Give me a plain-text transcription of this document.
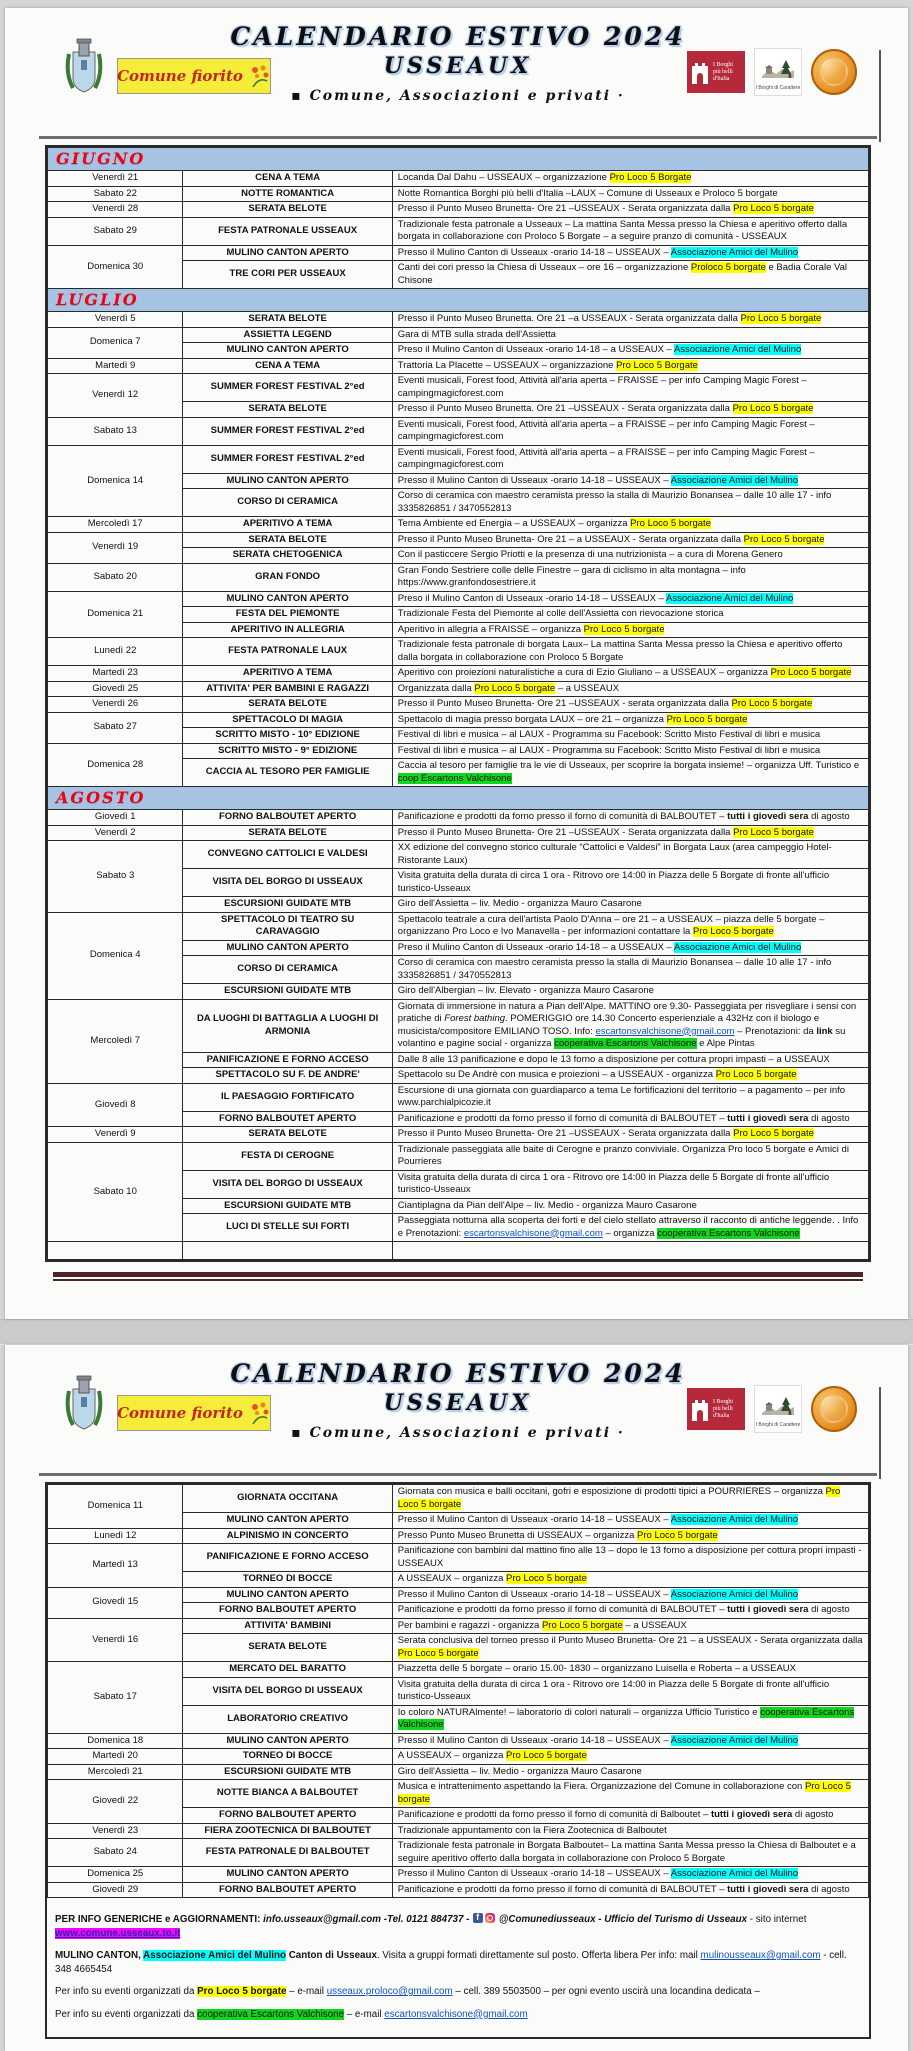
Comune fiorito
CALENDARIO ESTIVO 2024
USSEAUX
▪ Comune, Associazioni e privati ·
I Borghi più belli d'Italia
I Borghi di Carattere
GIUGNO		
Venerdì 21	CENA A TEMA	Locanda Dal Dahu – USSEAUX – organizzazione Pro Loco 5 Borgate
Sabato 22	NOTTE ROMANTICA	Notte Romantica Borghi più belli d'Italia –LAUX – Comune di Usseaux e Proloco 5 borgate
Venerdì 28	SERATA BELOTE	Presso il Punto Museo Brunetta- Ore 21 –USSEAUX - Serata organizzata dalla Pro Loco 5 borgate
Sabato 29	FESTA PATRONALE USSEAUX	Tradizionale festa patronale a Usseaux – La mattina Santa Messa presso la Chiesa e aperitivo offerto dalla borgata in collaborazione con Proloco 5 Borgate – a seguire pranzo di comunità - USSEAUX
Domenica 30	MULINO CANTON APERTO	Presso il Mulino Canton di Usseaux -orario 14-18 – USSEAUX – Associazione Amici del Mulino
	TRE CORI PER USSEAUX	Canti dei cori presso la Chiesa di Usseaux – ore 16 – organizzazione Proloco 5 borgate e Badia Corale Val Chisone
LUGLIO		
Venerdì 5	SERATA BELOTE	Presso il Punto Museo Brunetta. Ore 21 –a USSEAUX - Serata organizzata dalla Pro Loco 5 borgate
Domenica 7	ASSIETTA LEGEND	Gara di MTB sulla strada dell'Assietta
	MULINO CANTON APERTO	Preso il Mulino Canton di Usseaux -orario 14-18 – a USSEAUX – Associazione Amici del Mulino
Martedì 9	CENA A TEMA	Trattoria La Placette – USSEAUX – organizzazione Pro Loco 5 Borgate
Venerdì 12	SUMMER FOREST FESTIVAL 2°ed	Eventi musicali, Forest food, Attività all'aria aperta – FRAISSE – per info Camping Magic Forest – campingmagicforest.com
	SERATA BELOTE	Presso il Punto Museo Brunetta. Ore 21 –USSEAUX - Serata organizzata dalla Pro Loco 5 borgate
Sabato 13	SUMMER FOREST FESTIVAL 2°ed	Eventi musicali, Forest food, Attività all'aria aperta – a FRAISSE – per info Camping Magic Forest – campingmagicforest.com
Domenica 14	SUMMER FOREST FESTIVAL 2°ed	Eventi musicali, Forest food, Attività all'aria aperta – a FRAISSE – per info Camping Magic Forest – campingmagicforest.com
	MULINO CANTON APERTO	Presso il Mulino Canton di Usseaux -orario 14-18 – USSEAUX – Associazione Amici del Mulino
	CORSO DI CERAMICA	Corso di ceramica con maestro ceramista presso la stalla di Maurizio Bonansea – dalle 10 alle 17 - info 3335826851 / 3470552813
Mercoledì 17	APERITIVO A TEMA	Tema Ambiente ed Energia – a USSEAUX – organizza Pro Loco 5 borgate
Venerdì 19	SERATA BELOTE	Presso il Punto Museo Brunetta- Ore 21 – a USSEAUX - Serata organizzata dalla Pro Loco 5 borgate
	SERATA CHETOGENICA	Con il pasticcere Sergio Priotti e la presenza di una nutrizionista – a cura di Morena Genero
Sabato 20	GRAN FONDO	Gran Fondo Sestriere colle delle Finestre – gara di ciclismo in alta montagna – info https://www.granfondosestriere.it
Domenica 21	MULINO CANTON APERTO	Preso il Mulino Canton di Usseaux -orario 14-18 – USSEAUX – Associazione Amici del Mulino
	FESTA DEL PIEMONTE	Tradizionale Festa del Piemonte al colle dell'Assietta con rievocazione storica
	APERITIVO IN ALLEGRIA	Aperitivo in allegria a FRAISSE – organizza Pro Loco 5 borgate
Lunedì 22	FESTA PATRONALE LAUX	Tradizionale festa patronale di borgata Laux– La mattina Santa Messa presso la Chiesa e aperitivo offerto dalla borgata in collaborazione con Proloco 5 Borgate
Martedì 23	APERITIVO A TEMA	Aperitivo con proiezioni naturalistiche a cura di Ezio Giuliano – a USSEAUX – organizza Pro Loco 5 borgate
Giovedì 25	ATTIVITA' PER BAMBINI E RAGAZZI	Organizzata dalla Pro Loco 5 borgate – a USSEAUX
Venerdì 26	SERATA BELOTE	Presso il Punto Museo Brunetta- Ore 21 –USSEAUX - serata organizzata dalla Pro Loco 5 borgate
Sabato 27	SPETTACOLO DI MAGIA	Spettacolo di magia presso borgata LAUX – ore 21 – organizza Pro Loco 5 borgate
	SCRITTO MISTO - 10° EDIZIONE	Festival di libri e musica – al LAUX - Programma su Facebook: Scritto Misto Festival di libri e musica
Domenica 28	SCRITTO MISTO - 9° EDIZIONE	Festival di libri e musica – al LAUX - Programma su Facebook: Scritto Misto Festival di libri e musica
	CACCIA AL TESORO PER FAMIGLIE	Caccia al tesoro per famiglie tra le vie di Usseaux, per scoprire la borgata insieme! – organizza Uff. Turistico e coop Escartons Valchisone
AGOSTO		
Giovedì 1	FORNO BALBOUTET APERTO	Panificazione e prodotti da forno presso il forno di comunità di BALBOUTET – tutti i giovedì sera di agosto
Venerdì 2	SERATA BELOTE	Presso il Punto Museo Brunetta- Ore 21 –USSEAUX - Serata organizzata dalla Pro Loco 5 borgate
Sabato 3	CONVEGNO CATTOLICI E VALDESI	XX edizione del convegno storico culturale “Cattolici e Valdesi” in Borgata Laux (area campeggio Hotel-Ristorante Laux)
	VISITA DEL BORGO DI USSEAUX	Visita gratuita della durata di circa 1 ora - Ritrovo ore 14:00 in Piazza delle 5 Borgate di fronte all'ufficio turistico-Usseaux
	ESCURSIONI GUIDATE MTB	Giro dell'Assietta – liv. Medio - organizza Mauro Casarone
Domenica 4	SPETTACOLO DI TEATRO SU CARAVAGGIO	Spettacolo teatrale a cura dell'artista Paolo D'Anna – ore 21 – a USSEAUX – piazza delle 5 borgate –organizzano Pro Loco e Ivo Manavella - per informazioni contattare la Pro Loco 5 borgate
	MULINO CANTON APERTO	Preso il Mulino Canton di Usseaux -orario 14-18 – a USSEAUX – Associazione Amici del Mulino
	CORSO DI CERAMICA	Corso di ceramica con maestro ceramista presso la stalla di Maurizio Bonansea – dalle 10 alle 17 - info 3335826851 / 3470552813
	ESCURSIONI GUIDATE MTB	Giro dell'Albergian – liv. Elevato - organizza Mauro Casarone
Mercoledì 7	DA LUOGHI DI BATTAGLIA A LUOGHI DI ARMONIA	Giornata di immersione in natura a Pian dell'Alpe. MATTINO ore 9.30- Passeggiata per risvegliare i sensi con pratiche di Forest bathing. POMERIGGIO ore 14.30 Concerto esperienziale a 432Hz con il biologo e musicista/compositore EMILIANO TOSO. Info: escartonsvalchisone@gmail.com – Prenotazioni: da link su volantino e pagine social - organizza cooperativa Escartons Valchisone e Alpe Pintas
	PANIFICAZIONE E FORNO ACCESO	Dalle 8 alle 13 panificazione e dopo le 13 forno a disposizione per cottura propri impasti – a USSEAUX
	SPETTACOLO SU F. DE ANDRE'	Spettacolo su De Andrè con musica e proiezioni – a USSEAUX - organizza Pro Loco 5 borgate
Giovedì 8	IL PAESAGGIO FORTIFICATO	Escursione di una giornata con guardiaparco a tema Le fortificazioni del territorio – a pagamento – per info www.parchialpicozie.it
	FORNO BALBOUTET APERTO	Panificazione e prodotti da forno presso il forno di comunità di BALBOUTET – tutti i giovedì sera di agosto
Venerdì 9	SERATA BELOTE	Presso il Punto Museo Brunetta- Ore 21 –USSEAUX - Serata organizzata dalla Pro Loco 5 borgate
Sabato 10	FESTA DI CEROGNE	Tradizionale passeggiata alle baite di Cerogne e pranzo conviviale. Organizza Pro loco 5 borgate e Amici di Pourrieres
	VISITA DEL BORGO DI USSEAUX	Visita gratuita della durata di circa 1 ora - Ritrovo ore 14:00 in Piazza delle 5 Borgate di fronte all'ufficio turistico-Usseaux
	ESCURSIONI GUIDATE MTB	Ciantiplagna da Pian dell'Alpe – liv. Medio - organizza Mauro Casarone
	LUCI DI STELLE SUI FORTI	Passeggiata notturna alla scoperta dei forti e del cielo stellato attraverso il racconto di antiche leggende. . Info e Prenotazioni: escartonsvalchisone@gmail.com – organizza cooperativa Escartons Valchisone

Comune fiorito
CALENDARIO ESTIVO 2024
USSEAUX
▪ Comune, Associazioni e privati ·
I Borghi più belli d'Italia
I Borghi di Carattere
Domenica 11	GIORNATA OCCITANA	Giornata con musica e balli occitani, gofri e esposizione di prodotti tipici a POURRIERES – organizza Pro Loco 5 borgate
	MULINO CANTON APERTO	Presso il Mulino Canton di Usseaux -orario 14-18 – USSEAUX – Associazione Amici del Mulino
Lunedì 12	ALPINISMO IN CONCERTO	Presso Punto Museo Brunetta di USSEAUX – organizza Pro Loco 5 borgate
Martedì 13	PANIFICAZIONE E FORNO ACCESO	Panificazione con bambini dal mattino fino alle 13 – dopo le 13 forno a disposizione per cottura propri impasti - USSEAUX
	TORNEO DI BOCCE	A USSEAUX – organizza Pro Loco 5 borgate
Giovedì 15	MULINO CANTON APERTO	Presso il Mulino Canton di Usseaux -orario 14-18 – USSEAUX – Associazione Amici del Mulino
	FORNO BALBOUTET APERTO	Panificazione e prodotti da forno presso il forno di comunità di BALBOUTET – tutti i giovedì sera di agosto
Venerdì 16	ATTIVITA' BAMBINI	Per bambini e ragazzi - organizza Pro Loco 5 borgate – a USSEAUX
	SERATA BELOTE	Serata conclusiva del torneo presso il Punto Museo Brunetta- Ore 21 – a USSEAUX - Serata organizzata dalla Pro Loco 5 borgate
Sabato 17	MERCATO DEL BARATTO	Piazzetta delle 5 borgate – orario 15.00- 1830 – organizzano Luisella e Roberta – a USSEAUX
	VISITA DEL BORGO DI USSEAUX	Visita gratuita della durata di circa 1 ora - Ritrovo ore 14:00 in Piazza delle 5 Borgate di fronte all'ufficio turistico-Usseaux
	LABORATORIO CREATIVO	Io coloro NATURAlmente! – laboratorio di colori naturali – organizza Ufficio Turistico e cooperativa Escartons Valchisone
Domenica 18	MULINO CANTON APERTO	Presso il Mulino Canton di Usseaux -orario 14-18 – USSEAUX – Associazione Amici del Mulino
Martedì 20	TORNEO DI BOCCE	A USSEAUX – organizza Pro Loco 5 borgate
Mercoledì 21	ESCURSIONI GUIDATE MTB	Giro dell'Assietta – liv. Medio - organizza Mauro Casarone
Giovedì 22	NOTTE BIANCA A BALBOUTET	Musica e intrattenimento aspettando la Fiera. Organizzazione del Comune in collaborazione con Pro Loco 5 borgate
	FORNO BALBOUTET APERTO	Panificazione e prodotti da forno presso il forno di comunità di Balboutet – tutti i giovedì sera di agosto
Venerdì 23	FIERA ZOOTECNICA DI BALBOUTET	Tradizionale appuntamento con la Fiera Zootecnica di Balboutet
Sabato 24	FESTA PATRONALE DI BALBOUTET	Tradizionale festa patronale in Borgata Balboutet– La mattina Santa Messa presso la Chiesa di Balboutet e a seguire aperitivo offerto dalla borgata in collaborazione con Proloco 5 Borgate
Domenica 25	MULINO CANTON APERTO	Presso il Mulino Canton di Usseaux -orario 14-18 – USSEAUX – Associazione Amici del Mulino
Giovedì 29	FORNO BALBOUTET APERTO	Panificazione e prodotti da forno presso il forno di comunità di BALBOUTET – tutti i giovedì sera di agosto

PER INFO GENERICHE e AGGIORNAMENTI: info.usseaux@gmail.com -Tel. 0121 884737 - f @Comunediusseaux - Ufficio del Turismo di Usseaux - sito internet www.comune.usseaux.to.it

MULINO CANTON, Associazione Amici del Mulino Canton di Usseaux. Visita a gruppi formati direttamente sul posto. Offerta libera Per info: mail mulinousseaux@gmail.com - cell. 348 4665454

Per info su eventi organizzati da Pro Loco 5 borgate – e-mail usseaux.proloco@gmail.com – cell. 389 5503500 – per ogni evento uscirà una locandina dedicata –

Per info su eventi organizzati da cooperativa Escartons Valchisone – e-mail escartonsvalchisone@gmail.com
